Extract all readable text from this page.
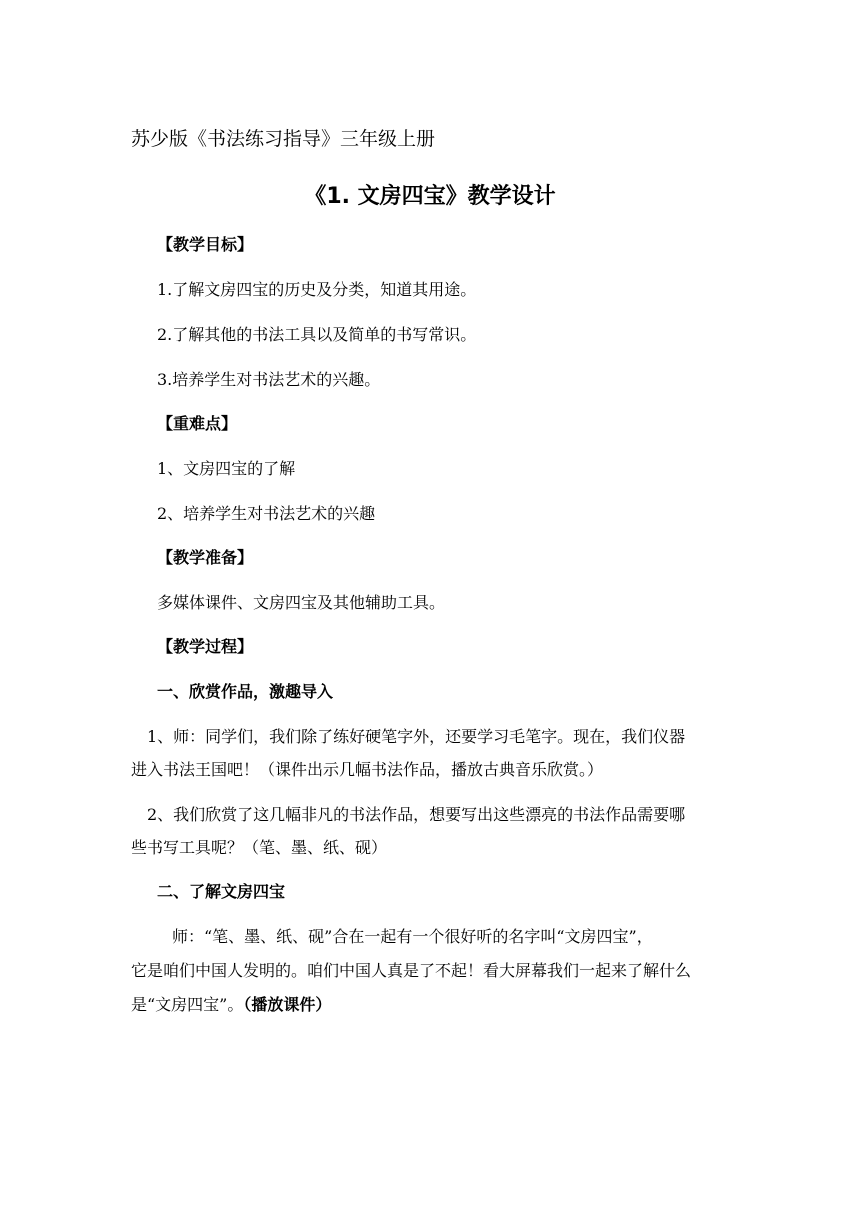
苏少版《书法练习指导》三年级上册
《1. 文房四宝》教学设计
【教学目标】
1.了解文房四宝的历史及分类，知道其用途。
2.了解其他的书法工具以及简单的书写常识。
3.培养学生对书法艺术的兴趣。
【重难点】
1、文房四宝的了解
2、培养学生对书法艺术的兴趣
【教学准备】
多媒体课件、文房四宝及其他辅助工具。
【教学过程】
一、欣赏作品，激趣导入
1、师：同学们，我们除了练好硬笔字外，还要学习毛笔字。现在，我们仪器
进入书法王国吧！（课件出示几幅书法作品，播放古典音乐欣赏。）
2、我们欣赏了这几幅非凡的书法作品，想要写出这些漂亮的书法作品需要哪
些书写工具呢？（笔、墨、纸、砚）
二、了解文房四宝
师：“笔、墨、纸、砚”合在一起有一个很好听的名字叫“文房四宝”，
它是咱们中国人发明的。咱们中国人真是了不起！看大屏幕我们一起来了解什么
是“文房四宝”。（播放课件）
